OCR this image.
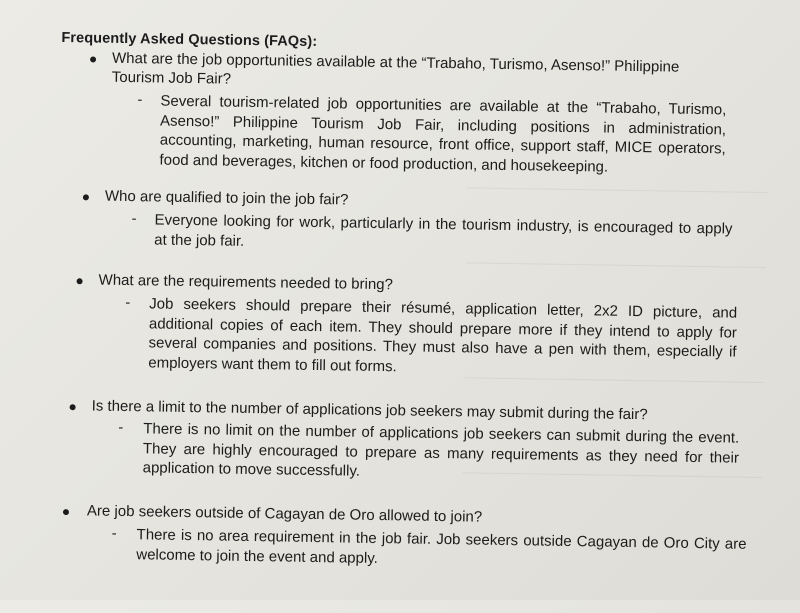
Frequently Asked Questions (FAQs):
What are the job opportunities available at the “Trabaho, Turismo, Asenso!” Philippine Tourism Job Fair?
- Several tourism-related job opportunities are available at the “Trabaho, Turismo, Asenso!” Philippine Tourism Job Fair, including positions in administration, accounting, marketing, human resource, front office, support staff, MICE operators, food and beverages, kitchen or food production, and housekeeping.
Who are qualified to join the job fair?
- Everyone looking for work, particularly in the tourism industry, is encouraged to apply at the job fair.
What are the requirements needed to bring?
- Job seekers should prepare their résumé, application letter, 2x2 ID picture, and additional copies of each item. They should prepare more if they intend to apply for several companies and positions. They must also have a pen with them, especially if employers want them to fill out forms.
Is there a limit to the number of applications job seekers may submit during the fair?
- There is no limit on the number of applications job seekers can submit during the event. They are highly encouraged to prepare as many requirements as they need for their application to move successfully.
Are job seekers outside of Cagayan de Oro allowed to join?
- There is no area requirement in the job fair. Job seekers outside Cagayan de Oro City are welcome to join the event and apply.
